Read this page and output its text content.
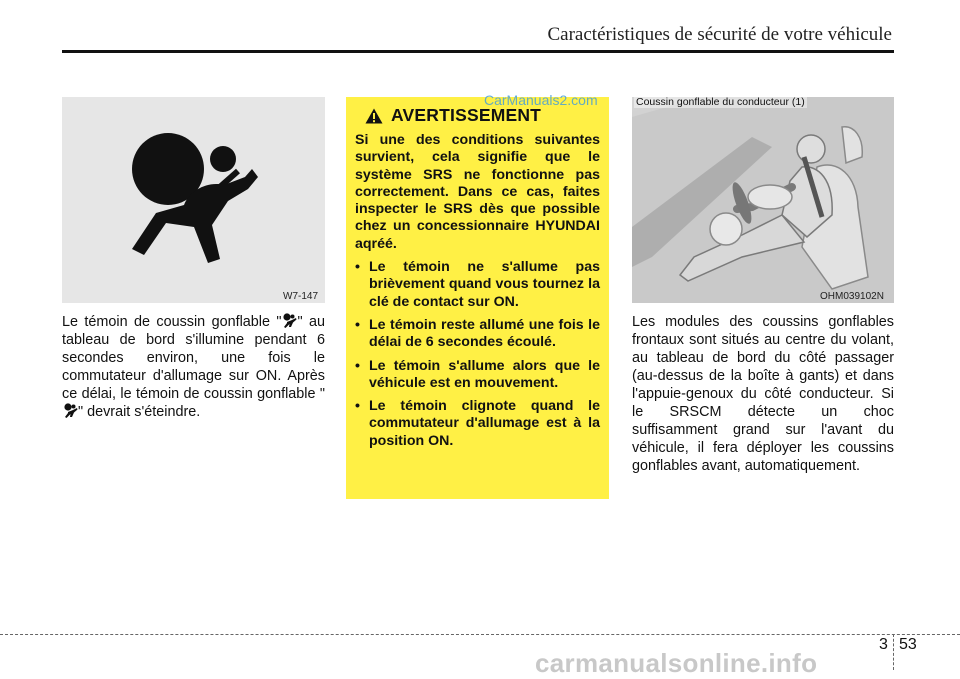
Caractéristiques de sécurité de votre véhicule
W7-147
Le témoin de coussin gonflable " " au tableau de bord s'illumine pendant 6 secondes environ, une fois le commutateur d'allumage sur ON. Après ce délai, le témoin de coussin gonflable "" devrait s'éteindre.
AVERTISSEMENT

Si une des conditions suivantes survient, cela signifie que le système SRS ne fonctionne pas correctement. Dans ce cas, faites inspecter le SRS dès que possible chez un concessionnaire HYUNDAI aqréé.

• Le témoin ne s'allume pas brièvement quand vous tournez la clé de contact sur ON.
• Le témoin reste allumé une fois le délai de 6 secondes écoulé.
• Le témoin s'allume alors que le véhicule est en mouvement.
• Le témoin clignote quand le commutateur d'allumage est à la position ON.
CarManuals2.com	Coussin gonflable du conducteur (1)
OHM039102N
Les modules des coussins gonflables frontaux sont situés au centre du volant, au tableau de bord du côté passager (au-dessus de la boîte à gants) et dans l'appuie-genoux du côté conducteur. Si le SRSCM détecte un choc suffisamment grand sur l'avant du véhicule, il fera déployer les coussins gonflables avant, automatiquement.
3 53
carmanualsonline.info
